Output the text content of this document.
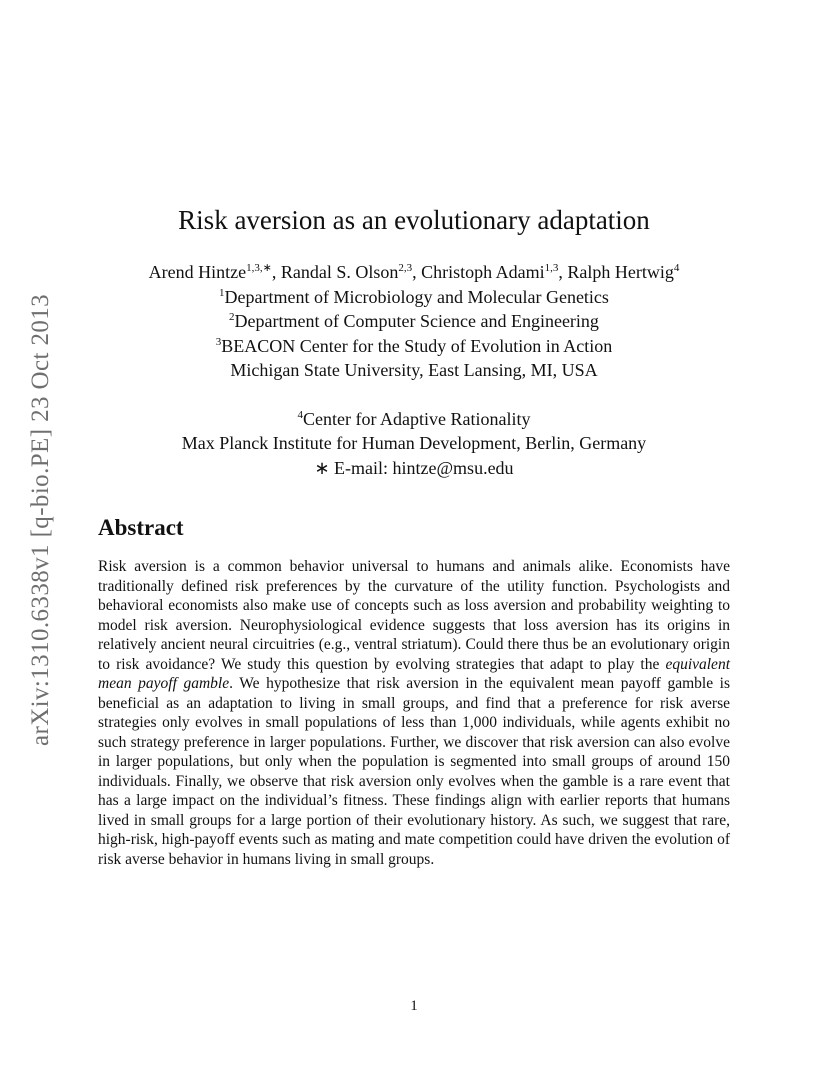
arXiv:1310.6338v1 [q-bio.PE] 23 Oct 2013
Risk aversion as an evolutionary adaptation
Arend Hintze$^{1,3,∗}$, Randal S. Olson$^{2,3}$, Christoph Adami$^{1,3}$, Ralph Hertwig$^4$
$^1$Department of Microbiology and Molecular Genetics
$^2$Department of Computer Science and Engineering
$^3$BEACON Center for the Study of Evolution in Action
Michigan State University, East Lansing, MI, USA
$^4$Center for Adaptive Rationality
Max Planck Institute for Human Development, Berlin, Germany
∗ E-mail: hintze@msu.edu
Abstract

Risk aversion is a common behavior universal to humans and animals alike. Economists have traditionally defined risk preferences by the curvature of the utility function. Psychologists and behavioral economists also make use of concepts such as loss aversion and probability weighting to model risk aversion. Neurophysiological evidence suggests that loss aversion has its origins in relatively ancient neural circuitries (e.g., ventral striatum). Could there thus be an evolutionary origin to risk avoidance? We study this question by evolving strategies that adapt to play the equivalent mean payoff gamble. We hypothesize that risk aversion in the equivalent mean payoff gamble is beneficial as an adaptation to living in small groups, and find that a preference for risk averse strategies only evolves in small populations of less than 1,000 individuals, while agents exhibit no such strategy preference in larger populations. Further, we discover that risk aversion can also evolve in larger populations, but only when the population is segmented into small groups of around 150 individuals. Finally, we observe that risk aversion only evolves when the gamble is a rare event that has a large impact on the individual’s fitness. These findings align with earlier reports that humans lived in small groups for a large portion of their evolutionary history. As such, we suggest that rare, high-risk, high-payoff events such as mating and mate competition could have driven the evolution of risk averse behavior in humans living in small groups.

1
